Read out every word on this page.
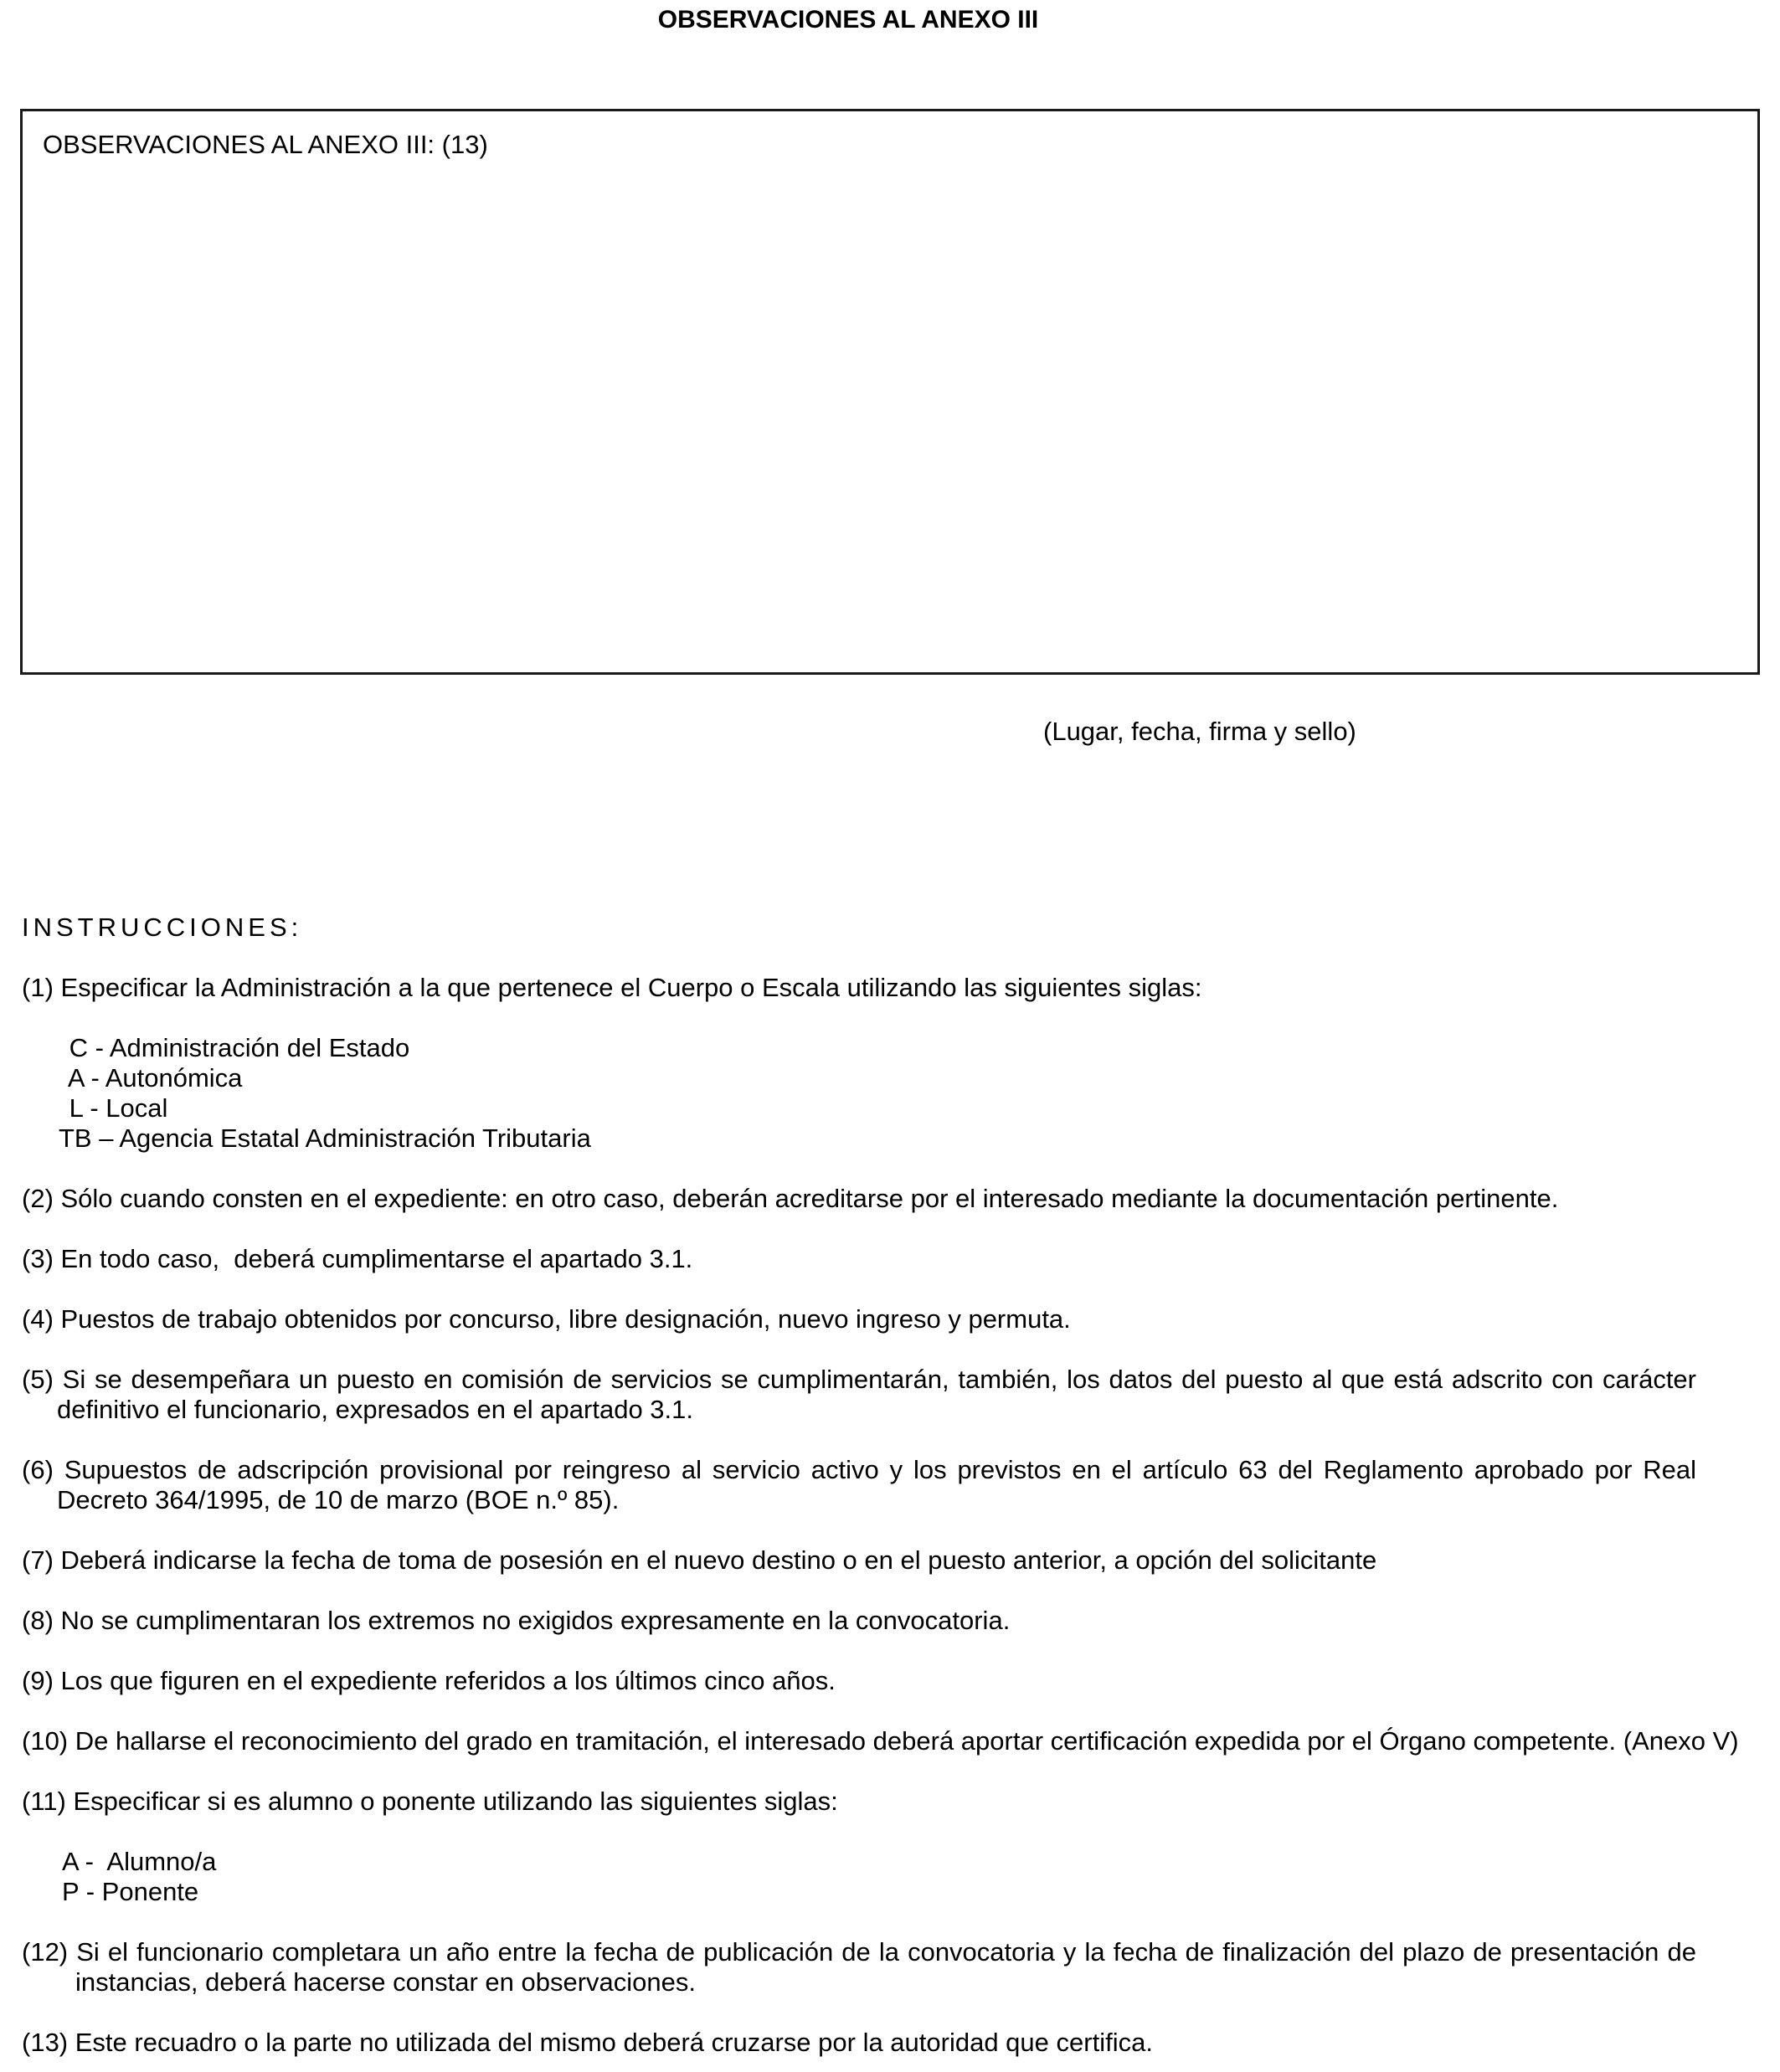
OBSERVACIONES AL ANEXO III
OBSERVACIONES AL ANEXO III: (13)
(Lugar, fecha, firma y sello)
INSTRUCCIONES:
(1) Especificar la Administración a la que pertenece el Cuerpo o Escala utilizando las siguientes siglas:
C - Administración del Estado
A - Autonómica
L - Local
TB – Agencia Estatal Administración Tributaria
(2) Sólo cuando consten en el expediente: en otro caso, deberán acreditarse por el interesado mediante la documentación pertinente.
(3) En todo caso,  deberá cumplimentarse el apartado 3.1.
(4) Puestos de trabajo obtenidos por concurso, libre designación, nuevo ingreso y permuta.
(5) Si se desempeñara un puesto en comisión de servicios se cumplimentarán, también, los datos del puesto al que está adscrito con carácter
definitivo el funcionario, expresados en el apartado 3.1.
(6) Supuestos de adscripción provisional por reingreso al servicio activo y los previstos en el artículo 63 del Reglamento aprobado por Real
Decreto 364/1995, de 10 de marzo (BOE n.º 85).
(7) Deberá indicarse la fecha de toma de posesión en el nuevo destino o en el puesto anterior, a opción del solicitante
(8) No se cumplimentaran los extremos no exigidos expresamente en la convocatoria.
(9) Los que figuren en el expediente referidos a los últimos cinco años.
(10) De hallarse el reconocimiento del grado en tramitación, el interesado deberá aportar certificación expedida por el Órgano competente. (Anexo V)
(11) Especificar si es alumno o ponente utilizando las siguientes siglas:
A -  Alumno/a
P - Ponente
(12) Si el funcionario completara un año entre la fecha de publicación de la convocatoria y la fecha de finalización del plazo de presentación de
instancias, deberá hacerse constar en observaciones.
(13) Este recuadro o la parte no utilizada del mismo deberá cruzarse por la autoridad que certifica.
